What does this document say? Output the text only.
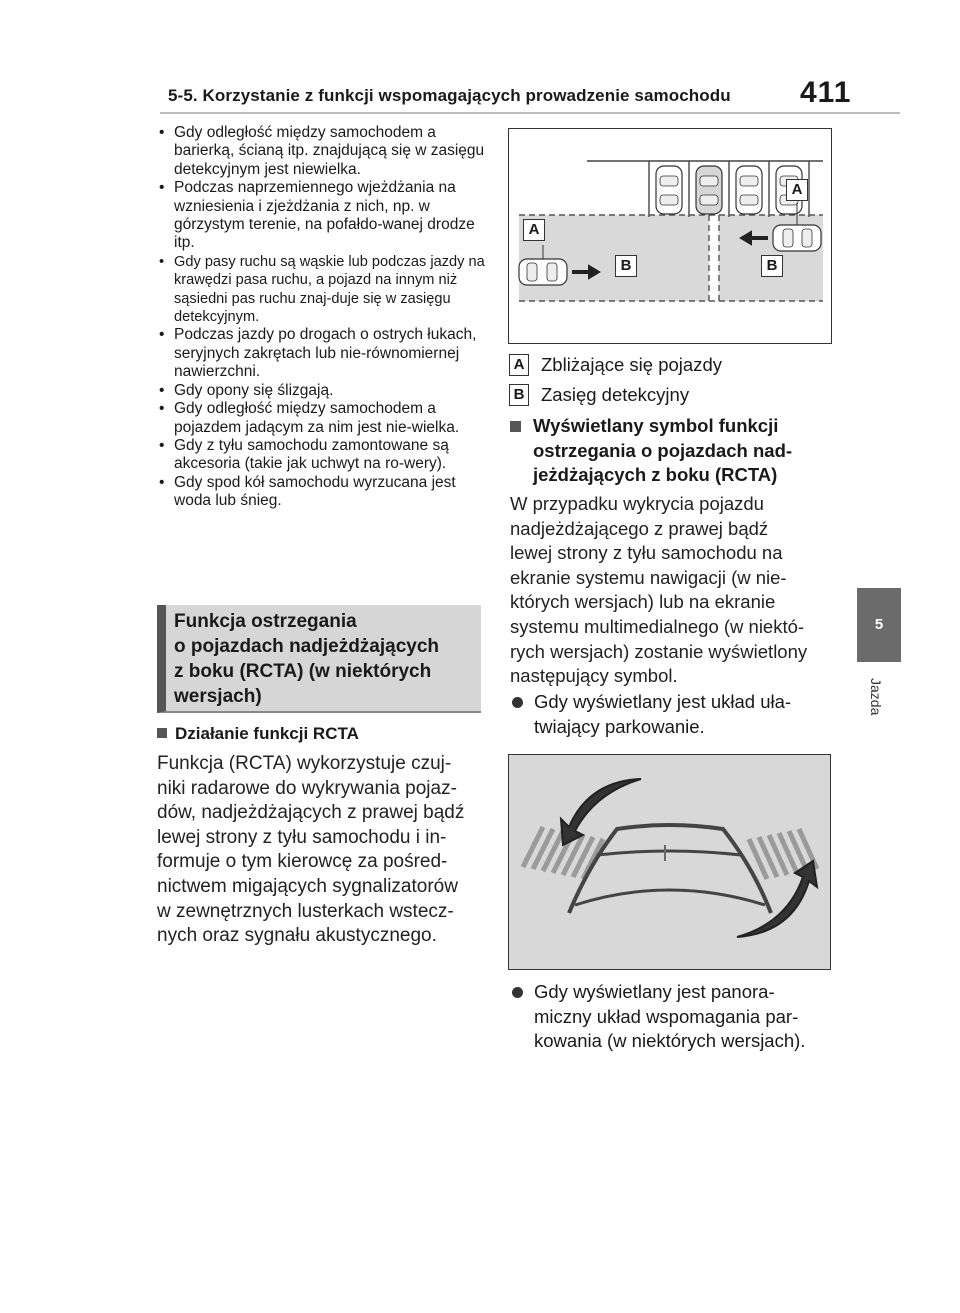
5-5. Korzystanie z funkcji wspomagających prowadzenie samochodu 411
5
Jazda
• Gdy odległość między samochodem a barierką, ścianą itp. znajdującą się w zasięgu detekcyjnym jest niewielka.
• Podczas naprzemiennego wjeżdżania na wzniesienia i zjeżdżania z nich, np. w górzystym terenie, na pofałdo-wanej drodze itp.
• Gdy pasy ruchu są wąskie lub podczas jazdy na krawędzi pasa ruchu, a pojazd na innym niż sąsiedni pas ruchu znaj-duje się w zasięgu detekcyjnym.
• Podczas jazdy po drogach o ostrych łukach, seryjnych zakrętach lub nie-równomiernej nawierzchni.
• Gdy opony się ślizgają.
• Gdy odległość między samochodem a pojazdem jadącym za nim jest nie-wielka.
• Gdy z tyłu samochodu zamontowane są akcesoria (takie jak uchwyt na ro-wery).
• Gdy spod kół samochodu wyrzucana jest woda lub śnieg.

Funkcja ostrzegania

o pojazdach nadjeżdżających

z boku (RCTA) (w niektórych

wersjach)

Działanie funkcji RCTA
Funkcja (RCTA) wykorzystuje czuj-
niki radarowe do wykrywania pojaz-
dów, nadjeżdżających z prawej bądź
lewej strony z tyłu samochodu i in-
formuje o tym kierowcę za pośred-
nictwem migających sygnalizatorów
w zewnętrznych lusterkach wstecz-
nych oraz sygnału akustycznego.
A
A
B	B
A Zbliżające się pojazdy
B Zasięg detekcyjny
Wyświetlany symbol funkcji
ostrzegania o pojazdach nad-
jeżdżających z boku (RCTA)
W przypadku wykrycia pojazdu
nadjeżdżającego z prawej bądź
lewej strony z tyłu samochodu na
ekranie systemu nawigacji (w nie-
których wersjach) lub na ekranie
systemu multimedialnego (w niektó-
rych wersjach) zostanie wyświetlony
następujący symbol.
Gdy wyświetlany jest układ uła-
twiający parkowanie.
Gdy wyświetlany jest panora-
miczny układ wspomagania par-
kowania (w niektórych wersjach).
